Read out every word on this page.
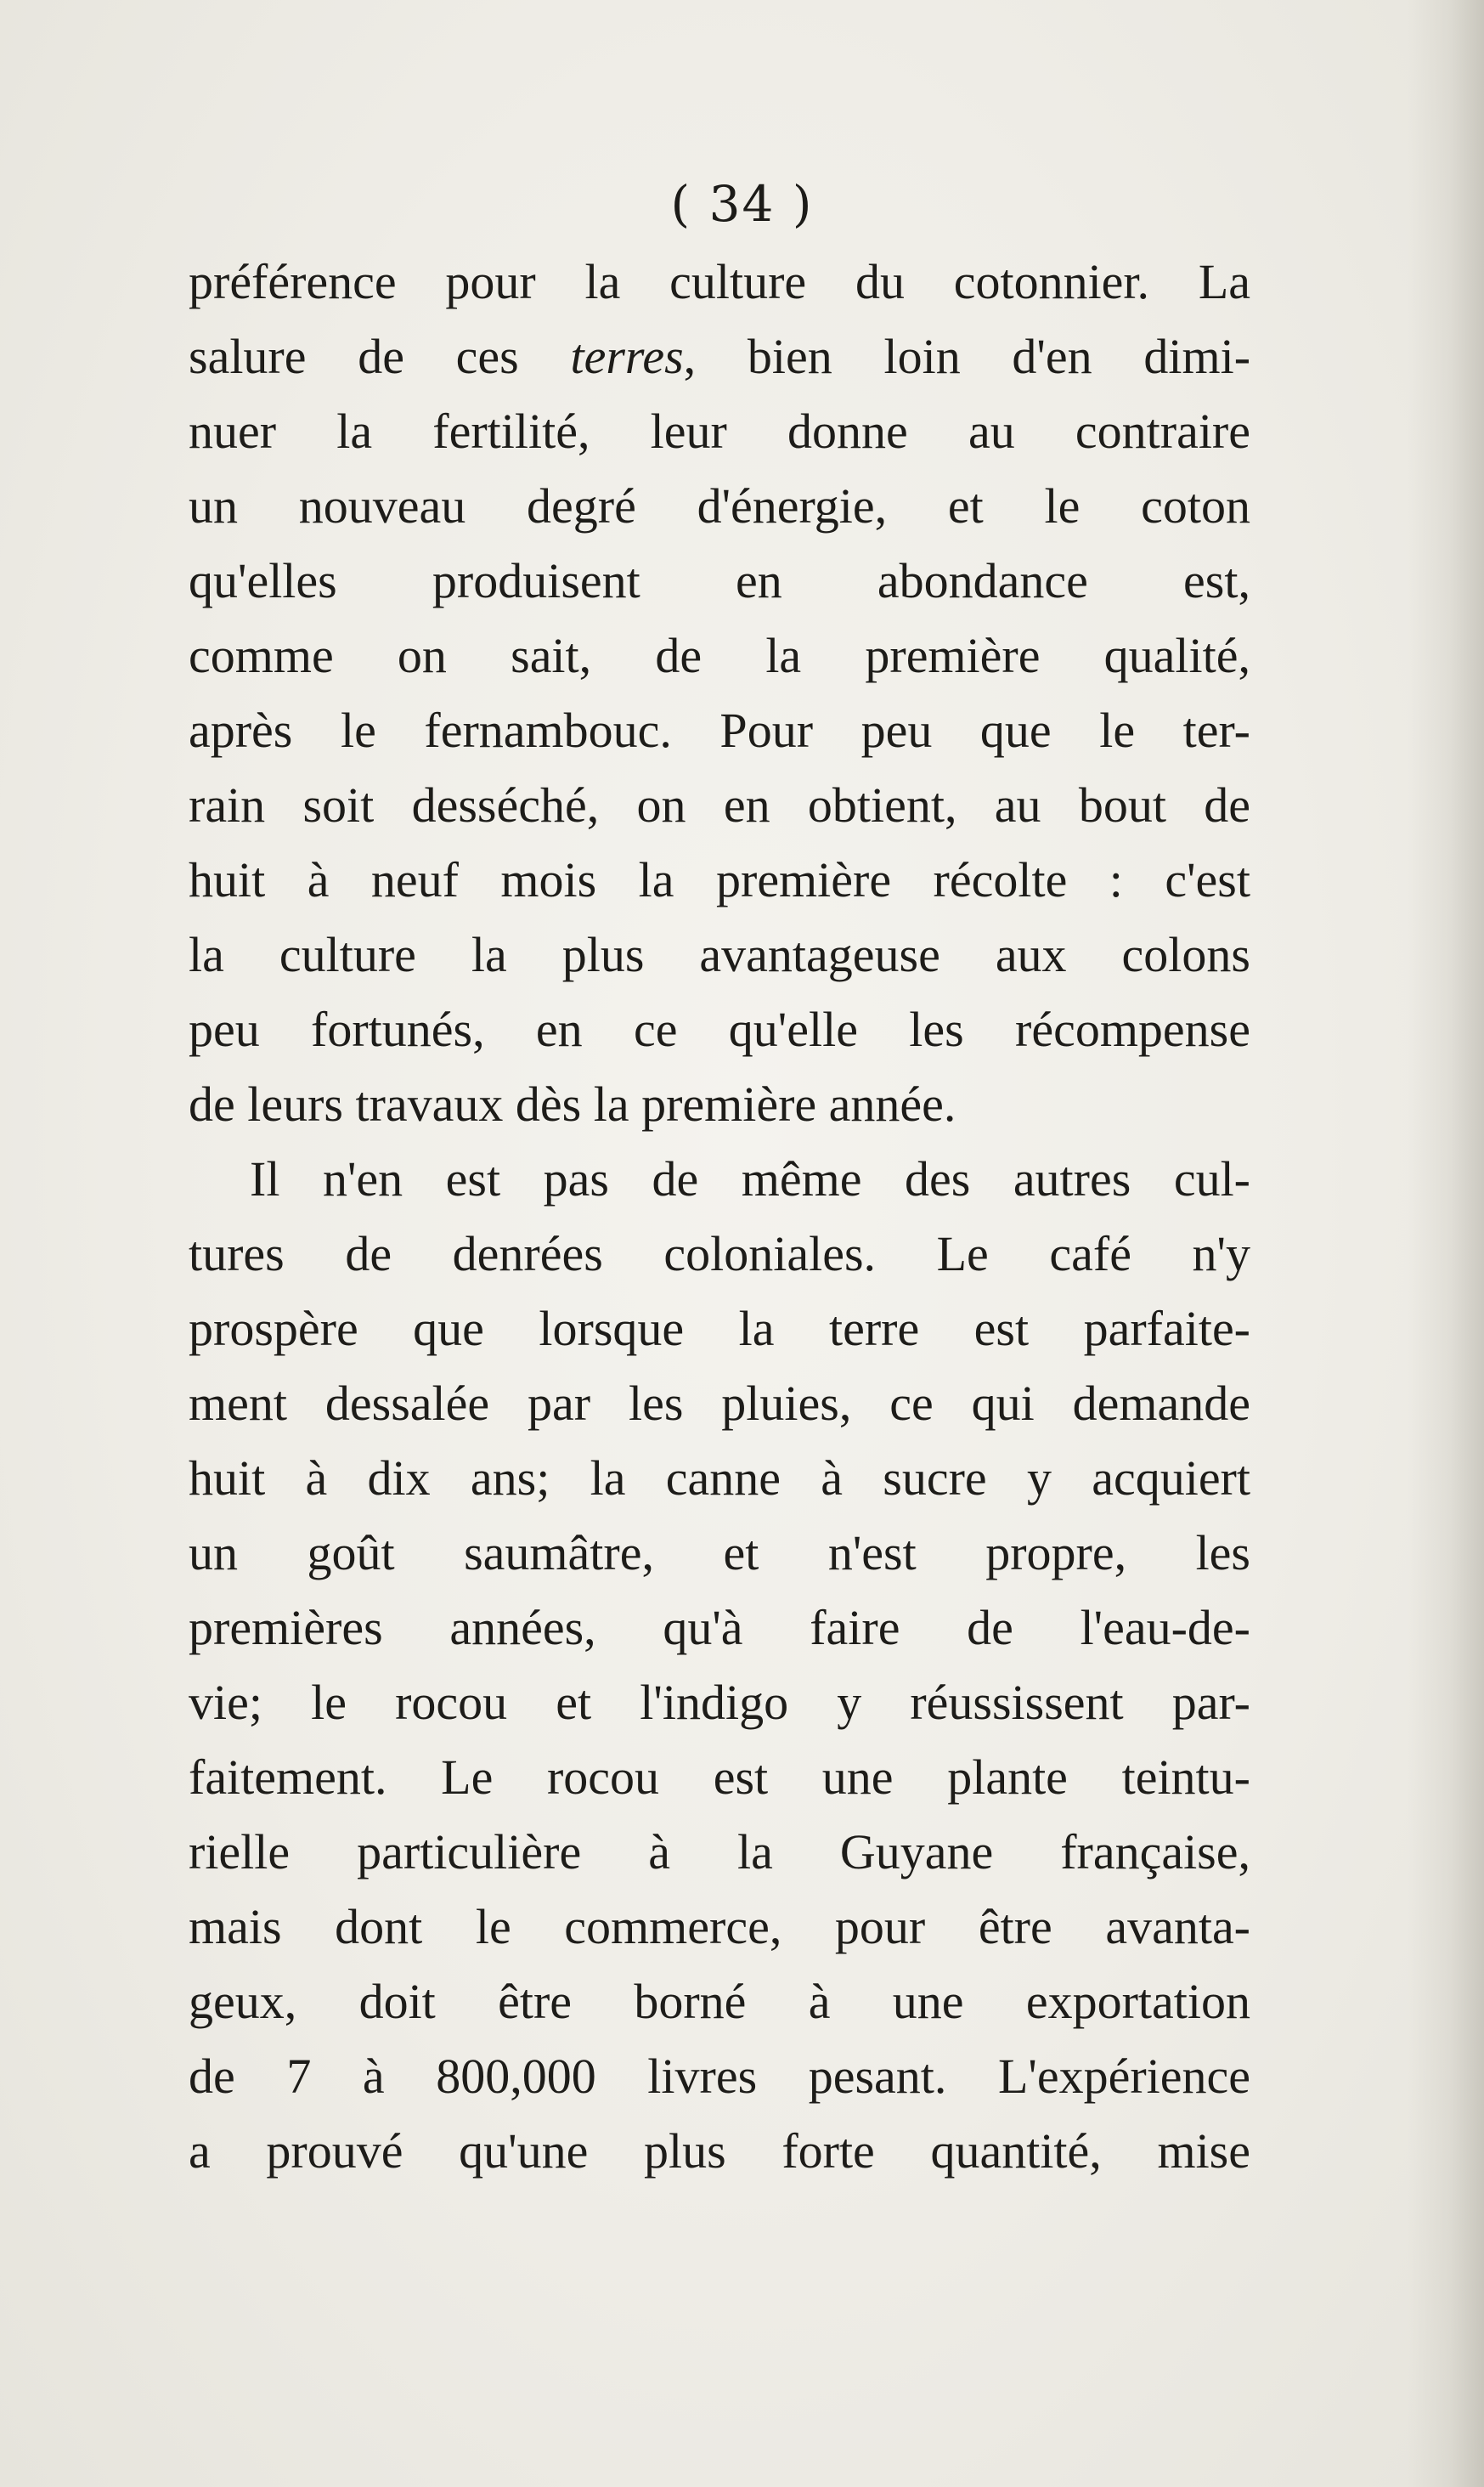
( 34 )
préférence pour la culture du cotonnier. La
salure de ces terres, bien loin d'en dimi-
nuer la fertilité, leur donne au contraire
un nouveau degré d'énergie, et le coton
qu'elles produisent en abondance est,
comme on sait, de la première qualité,
après le fernambouc. Pour peu que le ter-
rain soit desséché, on en obtient, au bout de
huit à neuf mois la première récolte : c'est
la culture la plus avantageuse aux colons
peu fortunés, en ce qu'elle les récompense
de leurs travaux dès la première année.
Il n'en est pas de même des autres cul-
tures de denrées coloniales. Le café n'y
prospère que lorsque la terre est parfaite-
ment dessalée par les pluies, ce qui demande
huit à dix ans; la canne à sucre y acquiert
un goût saumâtre, et n'est propre, les
premières années, qu'à faire de l'eau-de-
vie; le rocou et l'indigo y réussissent par-
faitement. Le rocou est une plante teintu-
rielle particulière à la Guyane française,
mais dont le commerce, pour être avanta-
geux, doit être borné à une exportation
de 7 à 800,000 livres pesant. L'expérience
a prouvé qu'une plus forte quantité, mise
